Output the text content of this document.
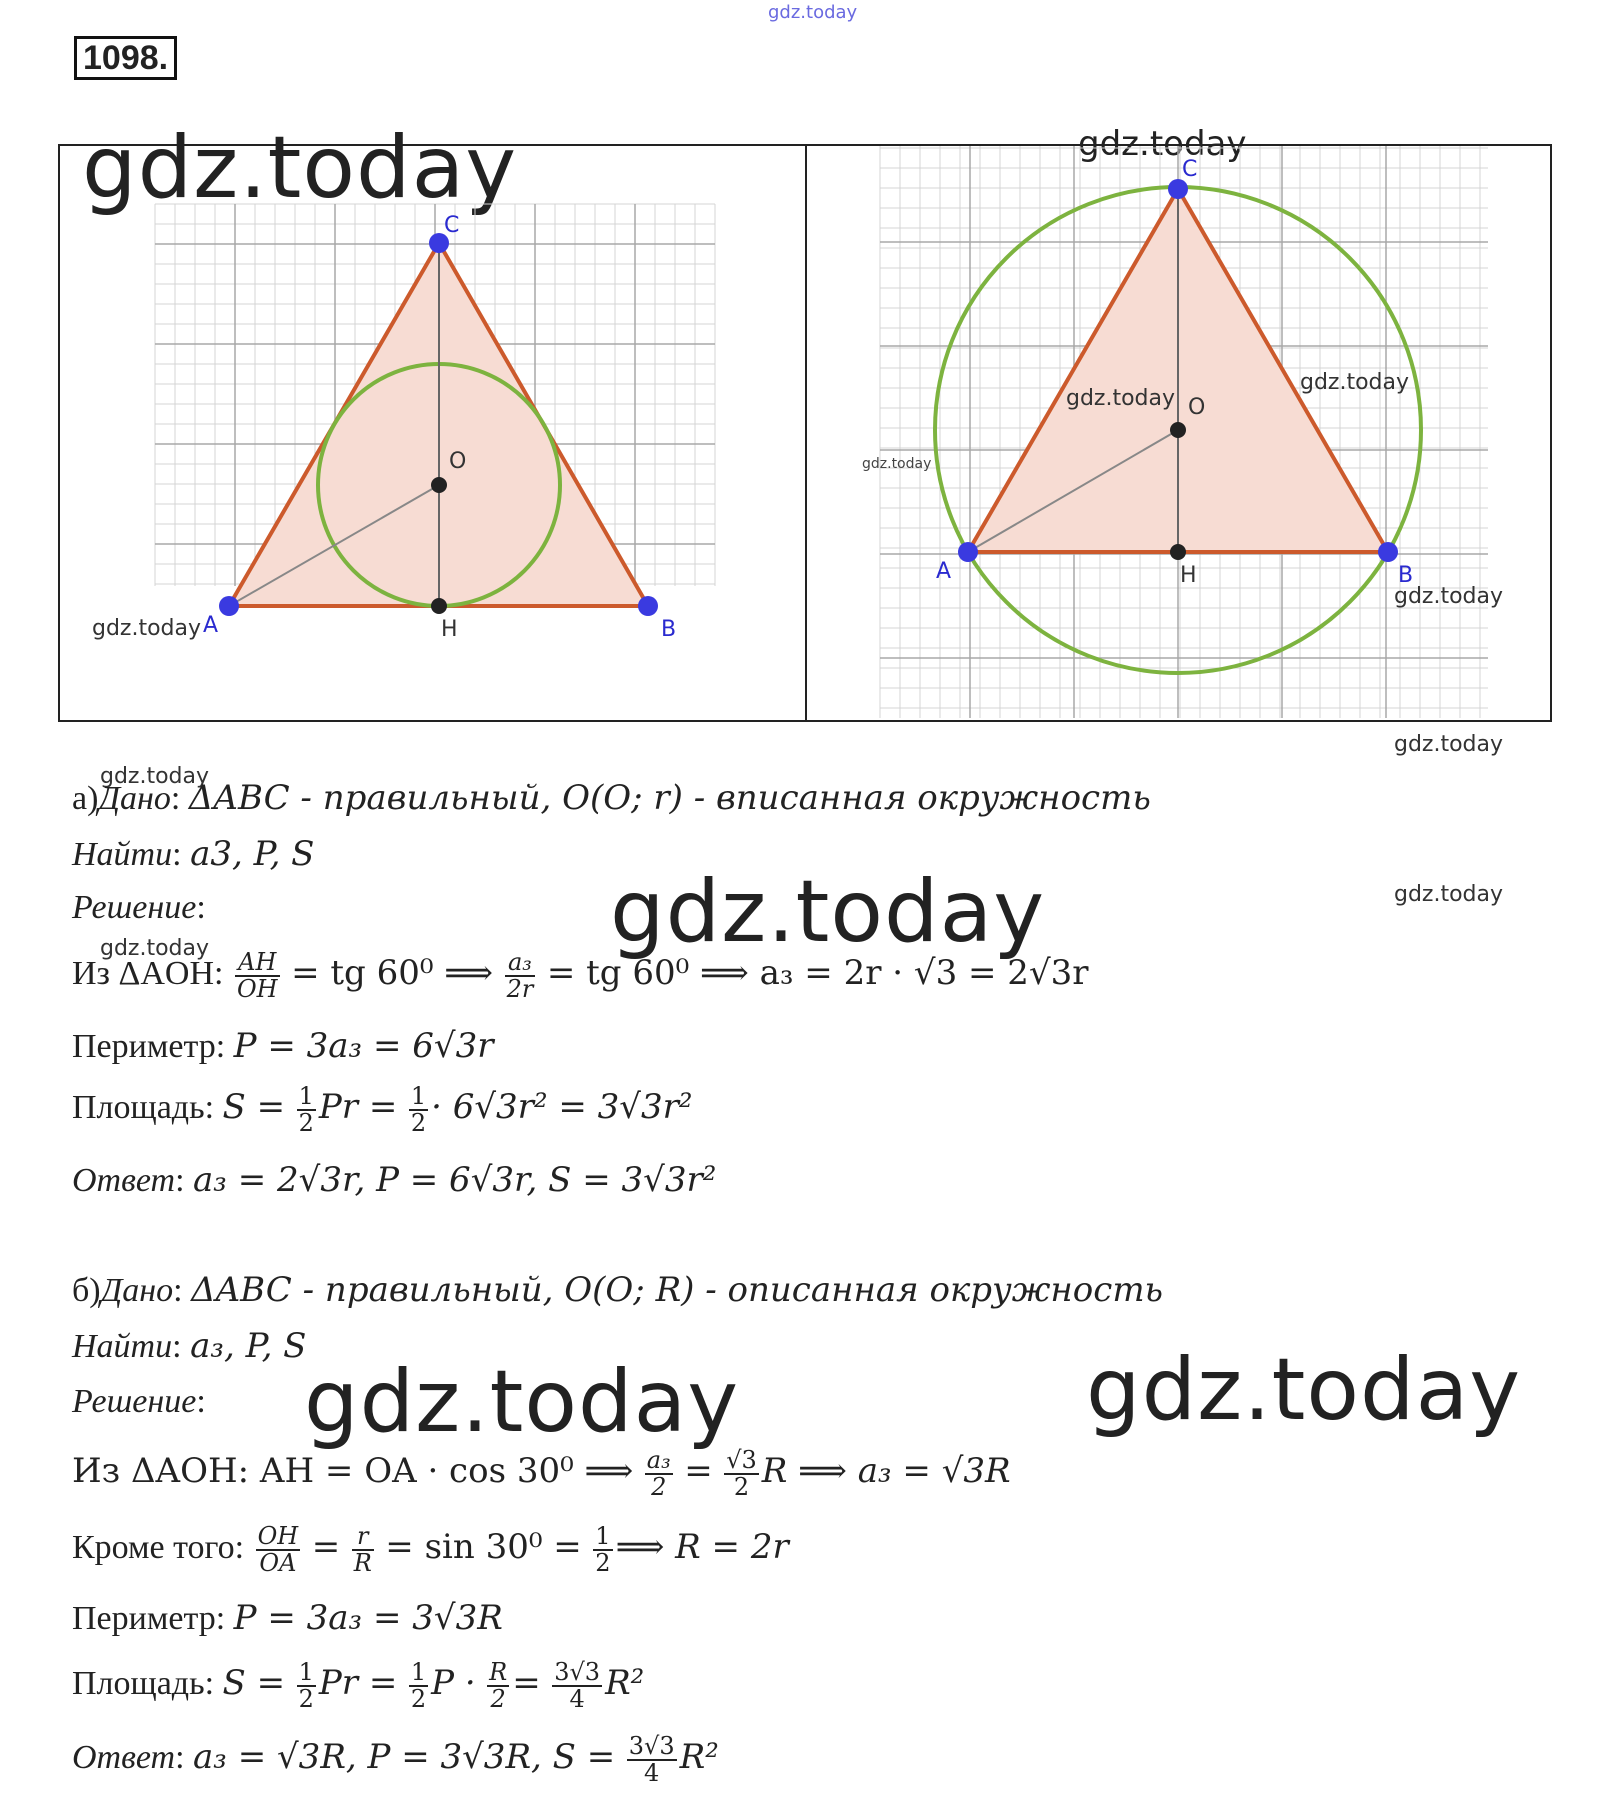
gdz.today
gdz.today	gdz.today
1098.
A	B
C
O
H
gdz.today
A	B
C
O
H
gdz.today
gdz.today
gdz.today
gdz.today
gdz.today
gdz.today
а)Дано: ΔABC - правильный, O(O; r) - вписанная окружность
Найти: a3, P, S
Решение:	gdz.today	gdz.today
gdz.today
Из ΔAOH: $\frac{AH}{OH}$ = tg 60⁰ ⟹ $\frac{\text{a₃}}{2r}$ = tg 60⁰ ⟹ a₃ = 2r · √3 = 2√3r
Периметр: P = 3a₃ = 6√3r
Площадь: $S = \frac{1}{2}$ $Pr = \frac{1}{2} \cdot 6√3r^2 = 3√3r^2$
Ответ: a₃ = 2√3r, P = 6√3r, S = 3√3r²
б)Дано: ΔABC - правильный, O(O; R) - описанная окружность
Найти: a₃, P, S
Решение: gdz.today	gdz.today
Из ΔAOH: AH = OA · cos 30⁰ ⟹ $\frac{\text{a₃}}{2} = \frac{√3}{2}$ R ⟹ a₃ = √3R
Кроме того: $\frac{OH}{OA} = \frac{r}{R} = \sin 30^0 = \frac{1}{2}$ ⟹ R = 2r
Периметр: P = 3a₃ = 3√3R
Площадь: $S = \frac{1}{2}$ $Pr = \frac{1}{2}$ $P \cdot \frac{R}{2} = \frac{3√3}{4} R^2$
Ответ: a₃ = √3R, P = 3√3R, $S = \frac{3√3}{4} R^2$
